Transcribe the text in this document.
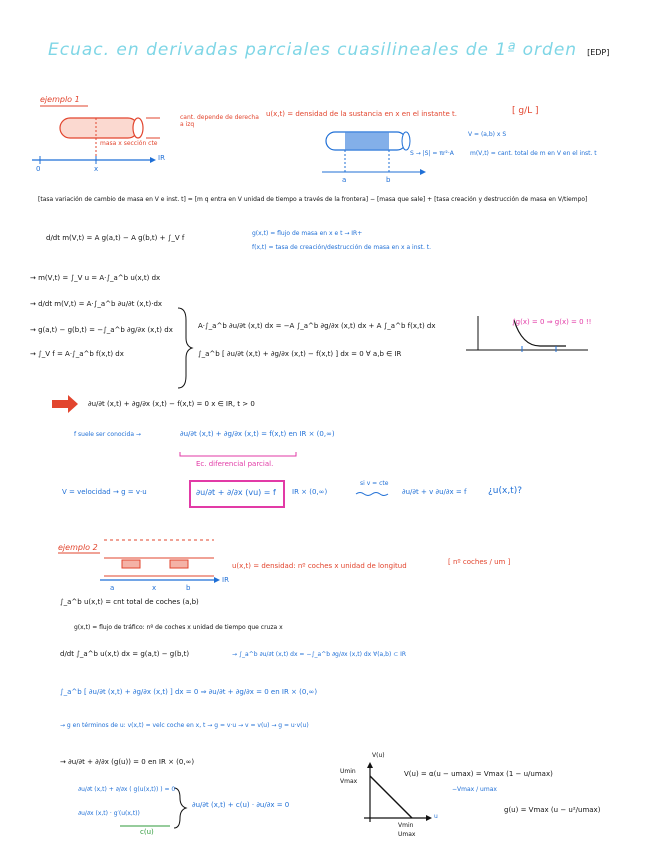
Ecuac. en derivadas parciales cuasilineales de 1ª orden [EDP]
ejemplo 1
cant. depende de derecha a izq
masa x sección cte
0	x
IR
u(x,t) = densidad de la sustancia en x en el instante t.	[ g/L ]
V = (a,b) x S
S → |S| = πr²·A	m(V,t) = cant. total de m en V en el inst. t
a	b
[tasa variación de cambio de masa en V e inst. t] = [m q entra en V unidad de tiempo a través de la frontera] − [masa que sale] + [tasa creación y destrucción de masa en V/tiempo]
d/dt m(V,t) = A g(a,t) − A g(b,t) + ∫_V f
g(x,t) = flujo de masa en x e t → IR+
f(x,t) = tasa de creación/destrucción de masa en x a inst. t.
→ m(V,t) = ∫_V u = A·∫_a^b u(x,t) dx
→ d/dt m(V,t) = A·∫_a^b ∂u/∂t (x,t)·dx
→ g(a,t) − g(b,t) = −∫_a^b ∂g/∂x (x,t) dx
→ ∫_V f = A·∫_a^b f(x,t) dx
A·∫_a^b ∂u/∂t (x,t) dx = −A ∫_a^b ∂g/∂x (x,t) dx + A ∫_a^b f(x,t) dx
∫_a^b [ ∂u/∂t (x,t) + ∂g/∂x (x,t) − f(x,t) ] dx = 0 ∀ a,b ∈ IR
∫g(x) = 0 ⇒ g(x) = 0 !!
∂u/∂t (x,t) + ∂g/∂x (x,t) − f(x,t) = 0 x ∈ IR, t > 0
f suele ser conocida →	∂u/∂t (x,t) + ∂g/∂x (x,t) = f(x,t) en IR × (0,∞)
Ec. diferencial parcial.
V = velocidad → g = v·u	∂u/∂t + ∂/∂x (vu) = f IR × (0,∞)
si v = cte
∂u/∂t + v ∂u/∂x = f ¿u(x,t)?
ejemplo 2
u(x,t) = densidad: nº coches x unidad de longitud	[ nº coches / um ]
a	x	b
IR
∫_a^b u(x,t) = cnt total de coches (a,b)
g(x,t) = flujo de tráfico: nº de coches x unidad de tiempo que cruza x
d/dt ∫_a^b u(x,t) dx = g(a,t) − g(b,t)	→ ∫_a^b ∂u/∂t (x,t) dx = −∫_a^b ∂g/∂x (x,t) dx ∀(a,b) ⊂ IR
∫_a^b [ ∂u/∂t (x,t) + ∂g/∂x (x,t) ] dx = 0 ⇒ ∂u/∂t + ∂g/∂x = 0 en IR × (0,∞)
→ g en términos de u: v(x,t) = velc coche en x, t → g = v·u → v = v(u) → g = u·v(u)
→ ∂u/∂t + ∂/∂x (g(u)) = 0 en IR × (0,∞)
∂u/∂t (x,t) + ∂/∂x ( g(u(x,t)) ) = 0
∂u/∂x (x,t) · g′(u(x,t))
c(u)
∂u/∂t (x,t) + c(u) · ∂u/∂x = 0
V(u)
Umin
Vmax
Vmin
Umax
u
V(u) = α(u − umax) = Vmax (1 − u/umax)
−Vmax / umax
g(u) = Vmax (u − u²/umax)
